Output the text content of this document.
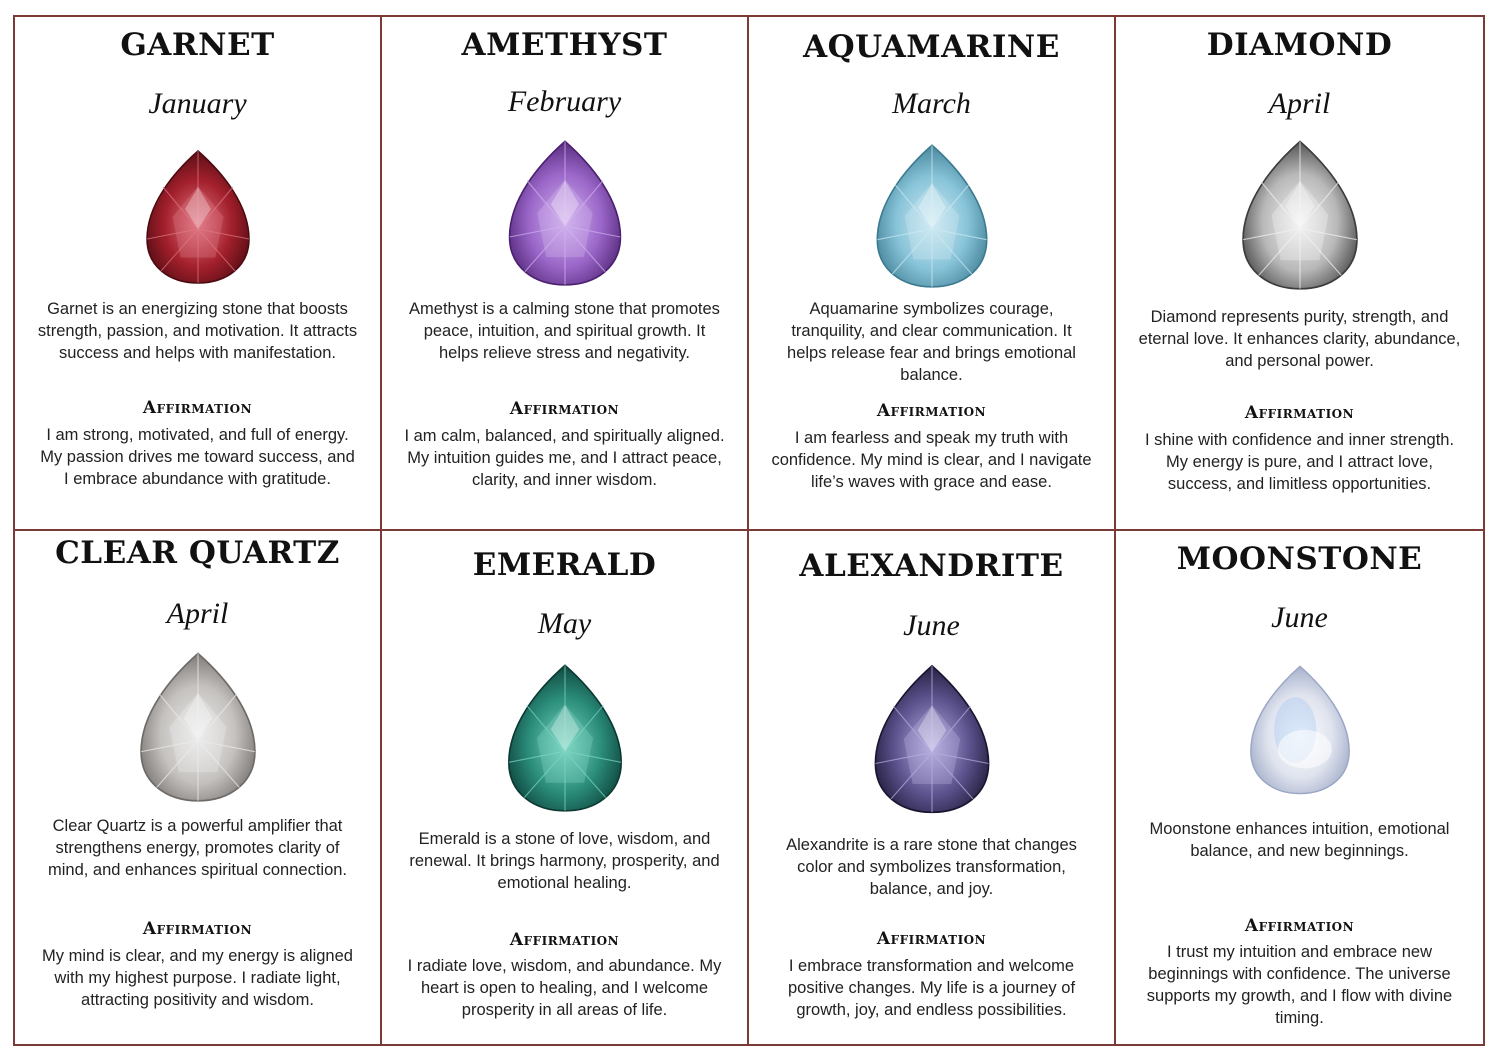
GARNET
January
Garnet is an energizing stone that boosts strength, passion, and motivation. It attracts success and helps with manifestation.
Affirmation
I am strong, motivated, and full of energy. My passion drives me toward success, and I embrace abundance with gratitude.
AMETHYST
February
Amethyst is a calming stone that promotes peace, intuition, and spiritual growth. It helps relieve stress and negativity.
Affirmation
I am calm, balanced, and spiritually aligned. My intuition guides me, and I attract peace, clarity, and inner wisdom.
AQUAMARINE
March
Aquamarine symbolizes courage, tranquility, and clear communication. It helps release fear and brings emotional balance.
Affirmation
I am fearless and speak my truth with confidence. My mind is clear, and I navigate life’s waves with grace and ease.
DIAMOND
April
Diamond represents purity, strength, and eternal love. It enhances clarity, abundance, and personal power.
Affirmation
I shine with confidence and inner strength. My energy is pure, and I attract love, success, and limitless opportunities.
CLEAR QUARTZ
April
Clear Quartz is a powerful amplifier that strengthens energy, promotes clarity of mind, and enhances spiritual connection.
Affirmation
My mind is clear, and my energy is aligned with my highest purpose. I radiate light, attracting positivity and wisdom.
EMERALD
May
Emerald is a stone of love, wisdom, and renewal. It brings harmony, prosperity, and emotional healing.
Affirmation
I radiate love, wisdom, and abundance. My heart is open to healing, and I welcome prosperity in all areas of life.
ALEXANDRITE
June
Alexandrite is a rare stone that changes color and symbolizes transformation, balance, and joy.
Affirmation
I embrace transformation and welcome positive changes. My life is a journey of growth, joy, and endless possibilities.
MOONSTONE
June
Moonstone enhances intuition, emotional balance, and new beginnings.
Affirmation
I trust my intuition and embrace new beginnings with confidence. The universe supports my growth, and I flow with divine timing.
